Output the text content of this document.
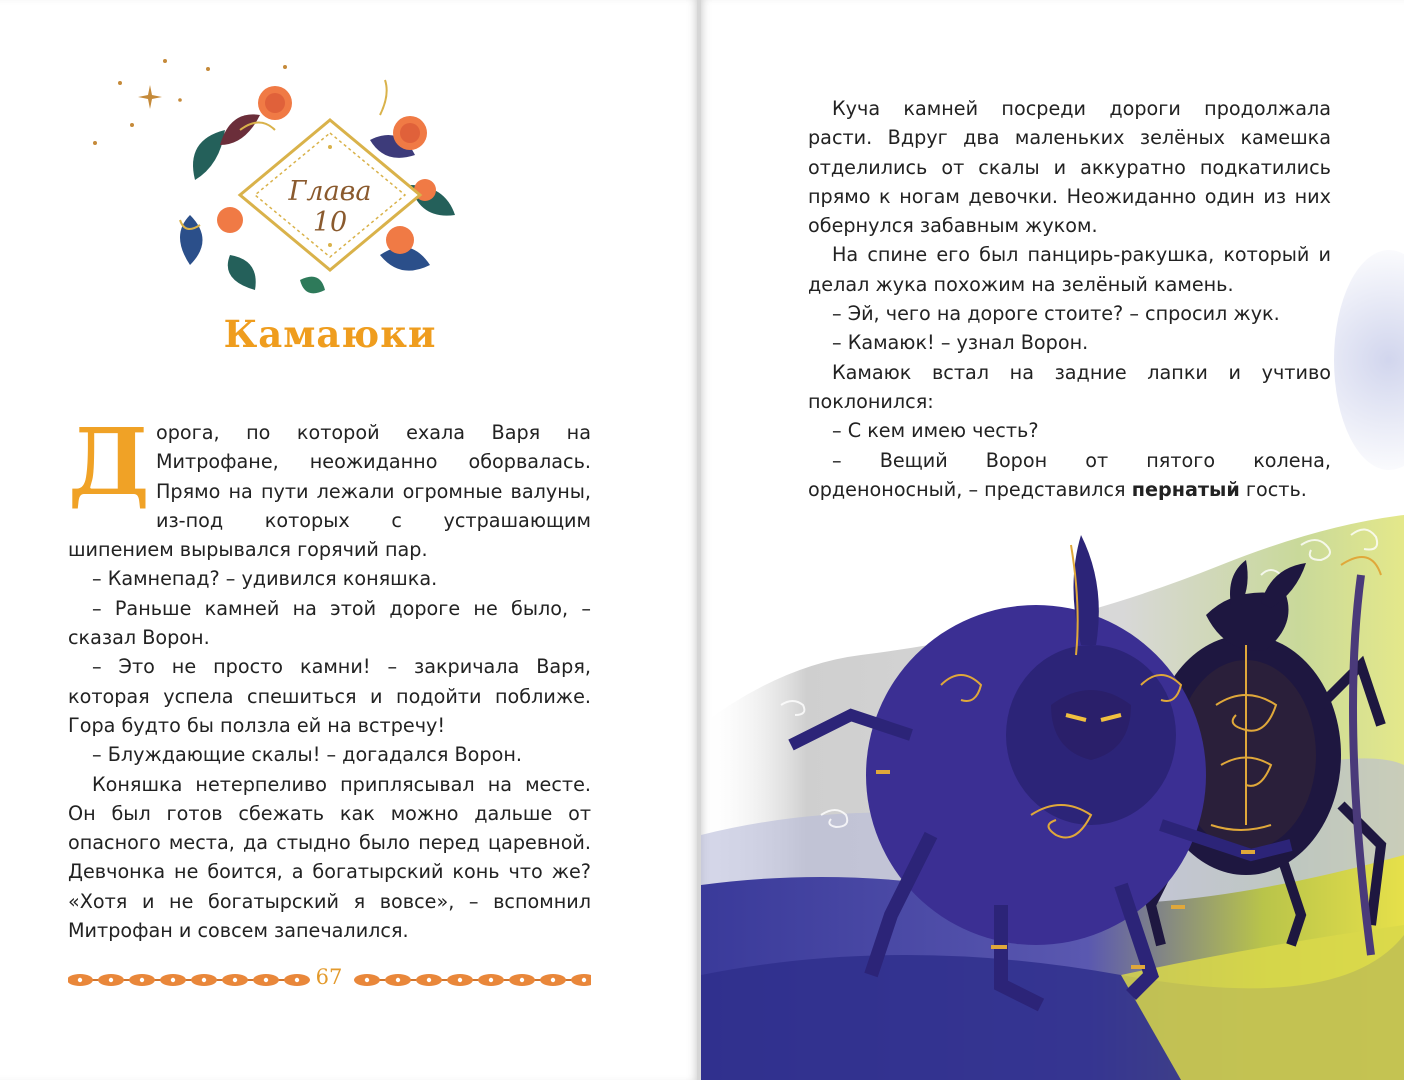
Глава 10
Камаюки

Дорога, по которой ехала Варя на Митрофане, неожиданно оборвалась. Прямо на пути лежали огромные валуны, из-под которых с устрашающим шипением вырывался горячий пар.

– Камнепад? – удивился коняшка.

– Раньше камней на этой дороге не было, – сказал Ворон.

– Это не просто камни! – закричала Варя, которая успела спешиться и подойти поближе. Гора будто бы ползла ей на встречу!

– Блуждающие скалы! – догадался Ворон.

Коняшка нетерпеливо приплясывал на месте. Он был готов сбежать как можно дальше от опасного места, да стыдно было перед царевной. Девчонка не боится, а богатырский конь что же? «Хотя и не богатырский я вовсе», – вспомнил Митрофан и совсем запечалился.

67

Куча камней посреди дороги продолжала расти. Вдруг два маленьких зелёных камешка отделились от скалы и аккуратно подкатились прямо к ногам девочки. Неожиданно один из них обернулся забавным жуком.

На спине его был панцирь-ракушка, который и делал жука похожим на зелёный камень.

– Эй, чего на дороге стоите? – спросил жук.

– Камаюк! – узнал Ворон.

Камаюк встал на задние лапки и учтиво поклонился:

– С кем имею честь?

– Вещий Ворон от пятого колена, орденоносный, – представился пернатый гость.
